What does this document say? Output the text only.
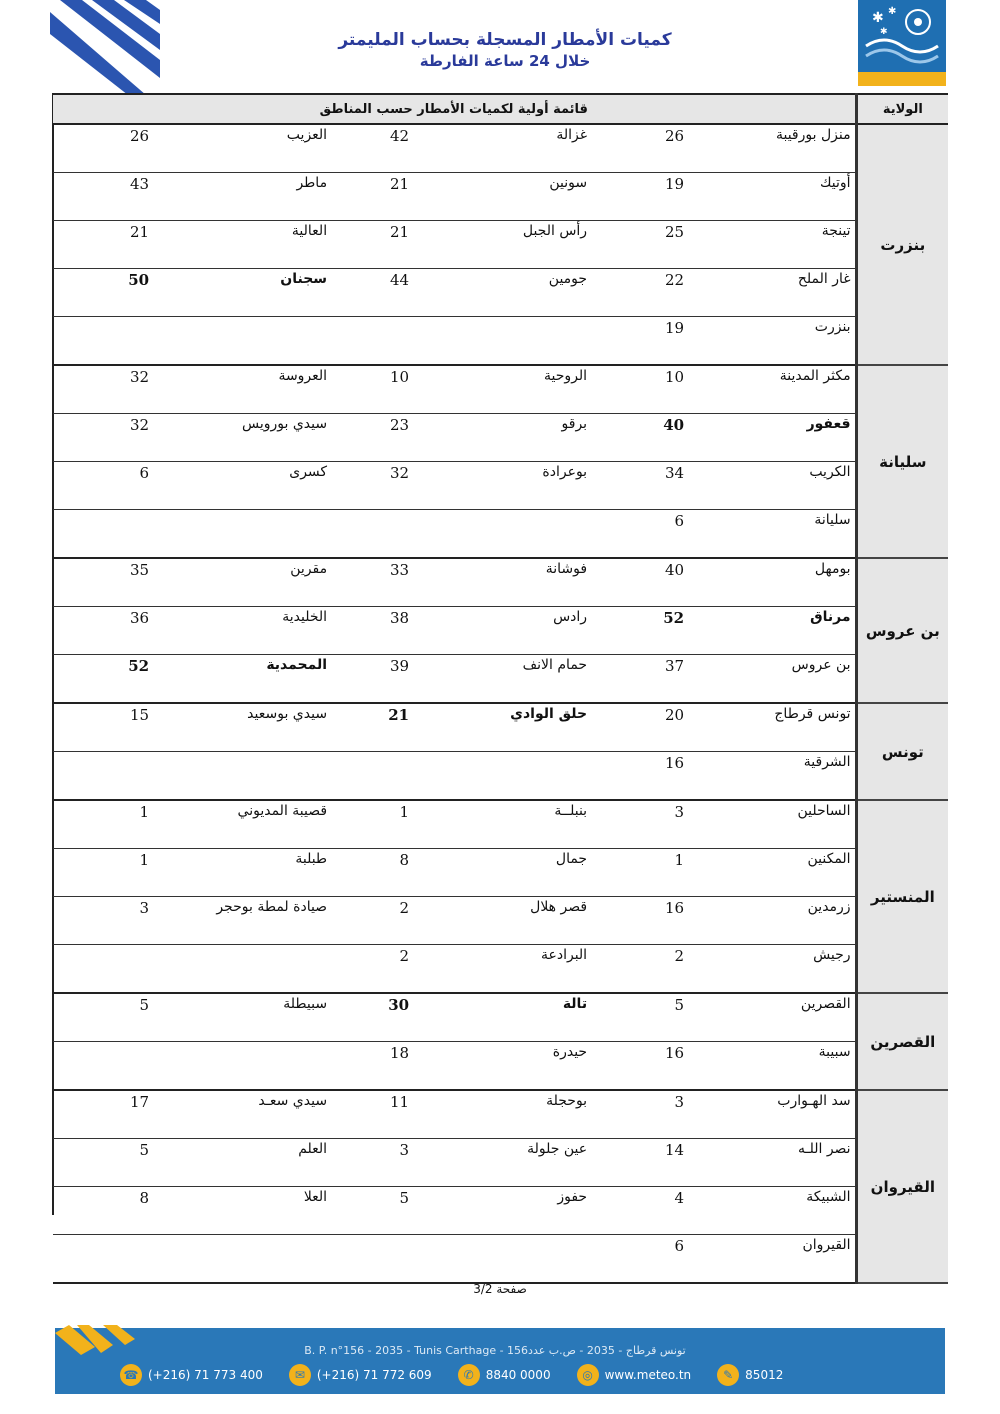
كميات الأمطار المسجلة بحساب المليمتر
خلال 24 ساعة الفارطة
✱ ✱
✱
الولاية	قائمة أولية لكميات الأمطار حسب المناطق					
بنزرت	منزل بورقيبة	26	غزالة	42	العزيب	26
	أوتيك	19	سونين	21	ماطر	43
	تينجة	25	رأس الجبل	21	العالية	21
	غار الملح	22	جومين	44	سجنان	50
	بنزرت	19				
سليانة	مكثر المدينة	10	الروحية	10	العروسة	32
	قعفور	40	برقو	23	سيدي بورويس	32
	الكريب	34	بوعرادة	32	كسرى	6
	سليانة	6				
بن عروس	بومهل	40	فوشانة	33	مقرين	35
	مرناق	52	رادس	38	الخليدية	36
	بن عروس	37	حمام الانف	39	المحمدية	52
تونس	تونس قرطاج	20	حلق الوادي	21	سيدي بوسعيد	15
	الشرقية	16				
المنستير	الساحلين	3	بنبلــة	1	قصيبة المديوني	1
	المكنين	1	جمال	8	طبلبة	1
	زرمدين	16	قصر هلال	2	صيادة لمطة بوحجر	3
	رجيش	2	البرادعة	2		
القصرين	القصرين	5	تالة	30	سبيطلة	5
	سبيبة	16	حيدرة	18		
القيروان	سد الهـوارب	3	بوحجلة	11	سيدي سعـد	17
	نصر اللـه	14	عين جلولة	3	العلم	5
	الشبيكة	4	حفوز	5	العلا	8
	القيروان	6				
صفحة 3/2
B. P. n°156 - 2035 - Tunis Carthage - تونس قرطاج - 2035 - ص.ب عدد156
☎ (+216) 71 773 400	✉ (+216) 71 772 609	✆ 8840 0000	◎ www.meteo.tn	✎ 85012
